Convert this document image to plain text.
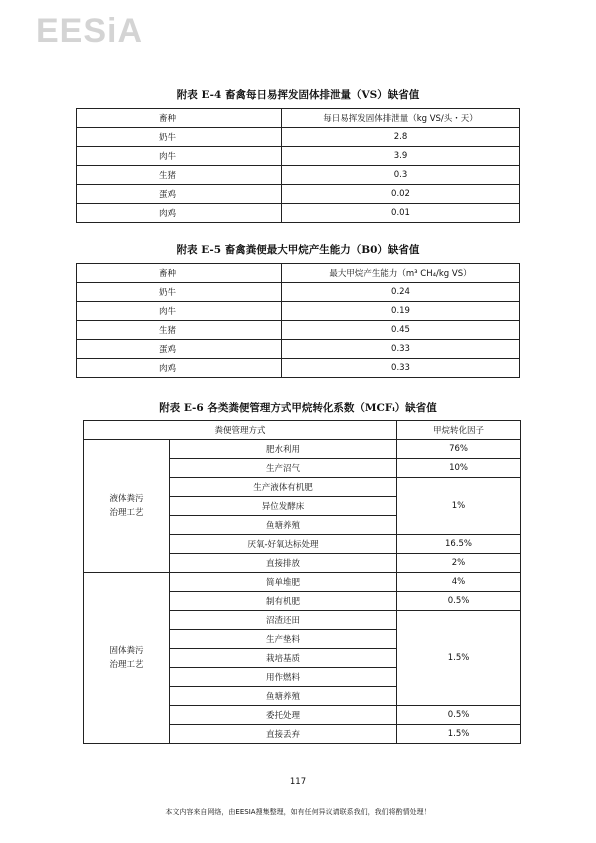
EESiA
附表 E-4 畜禽每日易挥发固体排泄量（VS）缺省值
畜种	每日易挥发固体排泄量（kg VS/头・天）
奶牛	2.8
肉牛	3.9
生猪	0.3
蛋鸡	0.02
肉鸡	0.01
附表 E-5 畜禽粪便最大甲烷产生能力（B0）缺省值
畜种	最大甲烷产生能力（m³ CH₄/kg VS）
奶牛	0.24
肉牛	0.19
生猪	0.45
蛋鸡	0.33
肉鸡	0.33
附表 E-6 各类粪便管理方式甲烷转化系数（MCFᵢ）缺省值
粪便管理方式		甲烷转化因子
液体粪污
治理工艺	肥水利用	76%
	生产沼气	10%
	生产液体有机肥	1%
	异位发酵床	
	鱼塘养殖	
	厌氧-好氧达标处理	16.5%
	直接排放	2%
固体粪污
治理工艺	简单堆肥	4%
	制有机肥	0.5%
	沼渣还田	1.5%
	生产垫料	
	栽培基质	
	用作燃料	
	鱼塘养殖	
	委托处理	0.5%
	直接丢弃	1.5%
117
本文内容来自网络，由EESIA搜集整理，如有任何异议请联系我们，我们将酌情处理！
